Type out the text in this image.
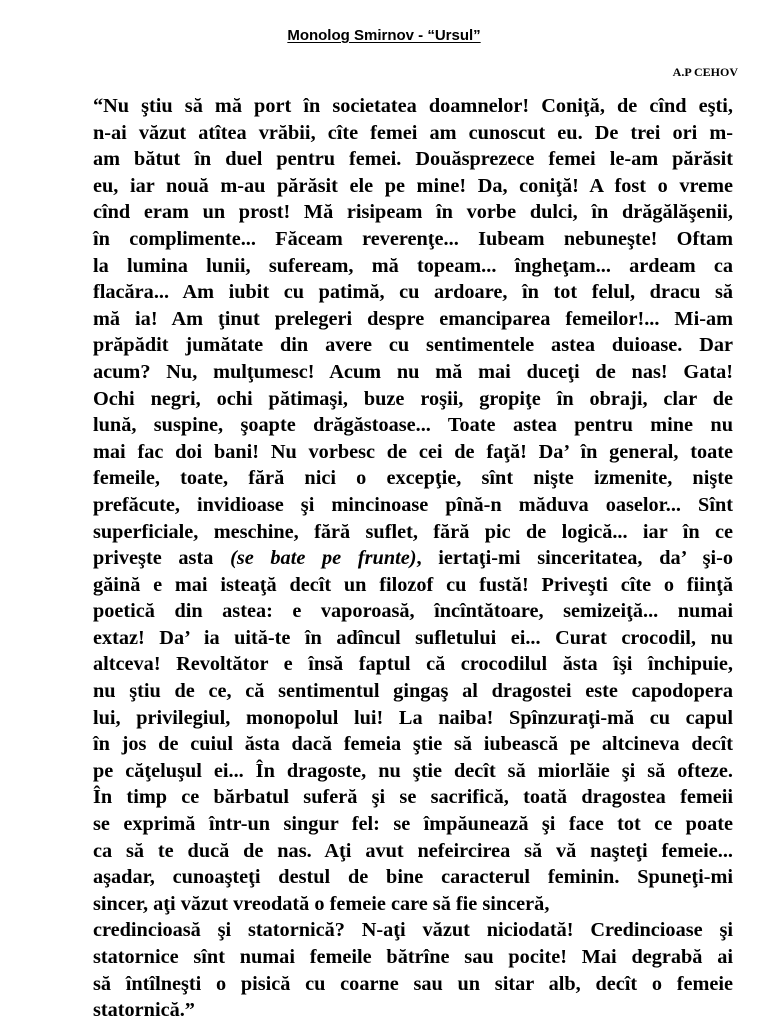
Monolog Smirnov - “Ursul”
A.P CEHOV
“Nu ştiu să mă port în societatea doamnelor! Coniţă, de cînd eşti,
n-ai văzut atîtea vrăbii, cîte femei am cunoscut eu. De trei ori m-
am bătut în duel pentru femei. Douăsprezece femei le-am părăsit
eu, iar nouă m-au părăsit ele pe mine! Da, coniţă! A fost o vreme
cînd eram un prost! Mă risipeam în vorbe dulci, în drăgălăşenii,
în complimente... Făceam reverenţe... Iubeam nebuneşte! Oftam
la lumina lunii, sufeream, mă topeam... îngheţam... ardeam ca
flacăra... Am iubit cu patimă, cu ardoare, în tot felul, dracu să
mă ia! Am ţinut prelegeri despre emanciparea femeilor!... Mi-am
prăpădit jumătate din avere cu sentimentele astea duioase. Dar
acum? Nu, mulţumesc! Acum nu mă mai duceţi de nas! Gata!
Ochi negri, ochi pătimaşi, buze roşii, gropiţe în obraji, clar de
lună, suspine, şoapte drăgăstoase... Toate astea pentru mine nu
mai fac doi bani! Nu vorbesc de cei de faţă! Da’ în general, toate
femeile, toate, fără nici o excepţie, sînt nişte izmenite, nişte
prefăcute, invidioase şi mincinoase pînă-n măduva oaselor... Sînt
superficiale, meschine, fără suflet, fără pic de logică... iar în ce
priveşte asta (se bate pe frunte), iertaţi-mi sinceritatea, da’ şi-o
găină e mai isteaţă decît un filozof cu fustă! Priveşti cîte o fiinţă
poetică din astea: e vaporoasă, încîntătoare, semizeiţă... numai
extaz! Da’ ia uită-te în adîncul sufletului ei... Curat crocodil, nu
altceva! Revoltător e însă faptul că crocodilul ăsta îşi închipuie,
nu ştiu de ce, că sentimentul gingaş al dragostei este capodopera
lui, privilegiul, monopolul lui! La naiba! Spînzuraţi-mă cu capul
în jos de cuiul ăsta dacă femeia ştie să iubească pe altcineva decît
pe căţeluşul ei... În dragoste, nu ştie decît să miorlăie şi să ofteze.
În timp ce bărbatul suferă şi se sacrifică, toată dragostea femeii
se exprimă într-un singur fel: se împăunează şi face tot ce poate
ca să te ducă de nas. Aţi avut nefeircirea să vă naşteţi femeie...
aşadar, cunoaşteţi destul de bine caracterul feminin. Spuneţi-mi
sincer, aţi văzut vreodată o femeie care să fie sinceră,
credincioasă şi statornică? N-aţi văzut niciodată! Credincioase şi
statornice sînt numai femeile bătrîne sau pocite! Mai degrabă ai
să întîlneşti o pisică cu coarne sau un sitar alb, decît o femeie
statornică.”
